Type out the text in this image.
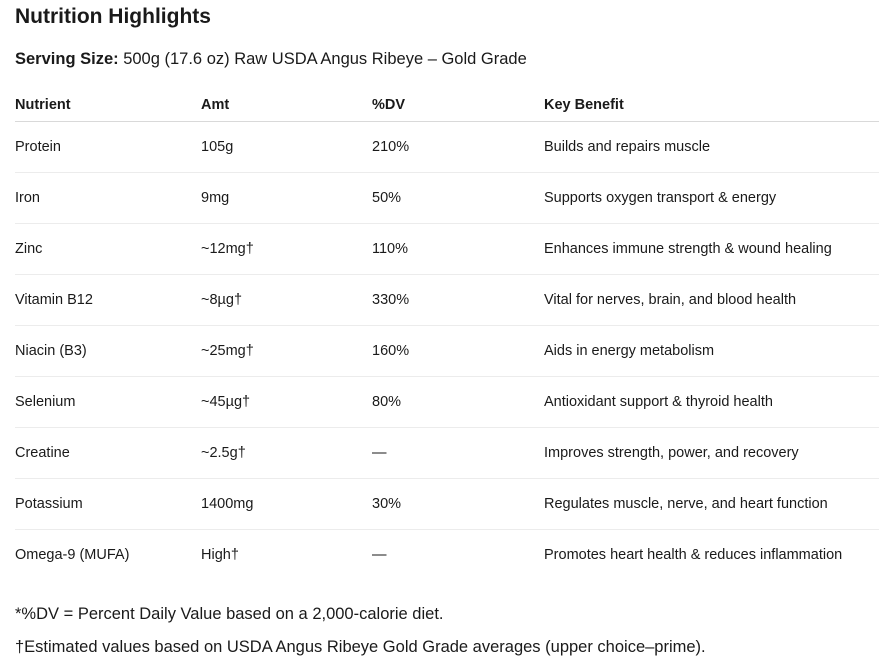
Nutrition Highlights
Serving Size: 500g (17.6 oz) Raw USDA Angus Ribeye – Gold Grade
Nutrient	Amt	%DV	Key Benefit
Protein	105g	210%	Builds and repairs muscle
Iron	9mg	50%	Supports oxygen transport & energy
Zinc	~12mg†	110%	Enhances immune strength & wound healing
Vitamin B12	~8µg†	330%	Vital for nerves, brain, and blood health
Niacin (B3)	~25mg†	160%	Aids in energy metabolism
Selenium	~45µg†	80%	Antioxidant support & thyroid health
Creatine	~2.5g†	—	Improves strength, power, and recovery
Potassium	1400mg	30%	Regulates muscle, nerve, and heart function
Omega-9 (MUFA)	High†	—	Promotes heart health & reduces inflammation
*%DV = Percent Daily Value based on a 2,000-calorie diet.
†Estimated values based on USDA Angus Ribeye Gold Grade averages (upper choice–prime).
